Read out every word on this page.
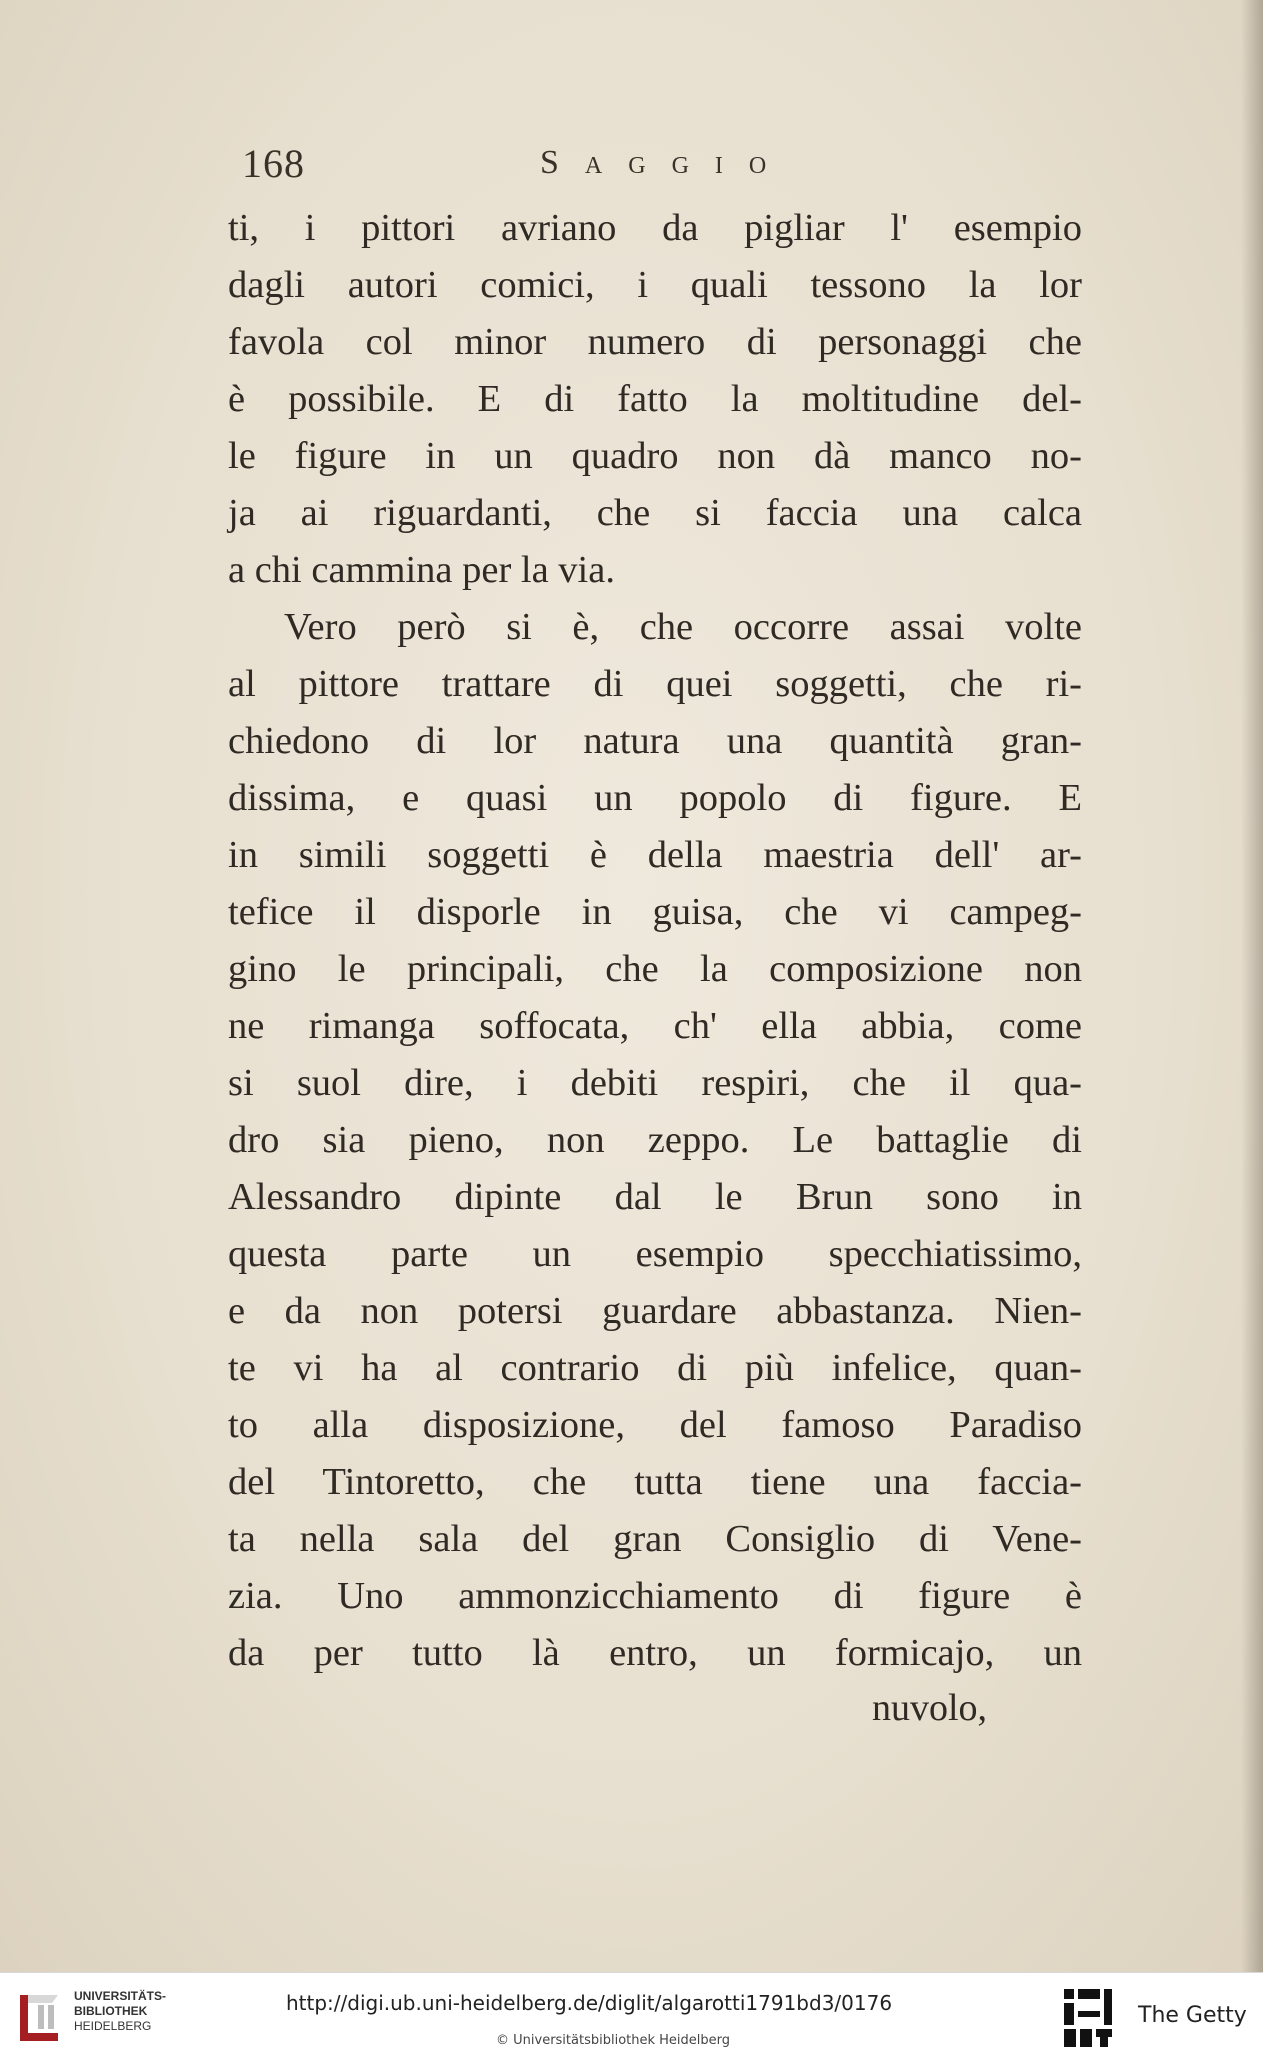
168	Saggio
ti, i pittori avriano da pigliar l' esempio
dagli autori comici, i quali tessono la lor
favola col minor numero di personaggi che
è possibile. E di fatto la moltitudine del-
le figure in un quadro non dà manco no-
ja ai riguardanti, che si faccia una calca
a chi cammina per la via.
Vero però si è, che occorre assai volte
al pittore trattare di quei soggetti, che ri-
chiedono di lor natura una quantità gran-
dissima, e quasi un popolo di figure. E
in simili soggetti è della maestria dell' ar-
tefice il disporle in guisa, che vi campeg-
gino le principali, che la composizione non
ne rimanga soffocata, ch' ella abbia, come
si suol dire, i debiti respiri, che il qua-
dro sia pieno, non zeppo. Le battaglie di
Alessandro dipinte dal le Brun sono in
questa parte un esempio specchiatissimo,
e da non potersi guardare abbastanza. Nien-
te vi ha al contrario di più infelice, quan-
to alla disposizione, del famoso Paradiso
del Tintoretto, che tutta tiene una faccia-
ta nella sala del gran Consiglio di Vene-
zia. Uno ammonzicchiamento di figure è
da per tutto là entro, un formicajo, un
nuvolo,
UNIVERSITÄTS-
BIBLIOTHEK
HEIDELBERG
http://digi.ub.uni-heidelberg.de/diglit/algarotti1791bd3/0176
© Universitätsbibliothek Heidelberg
The Getty
